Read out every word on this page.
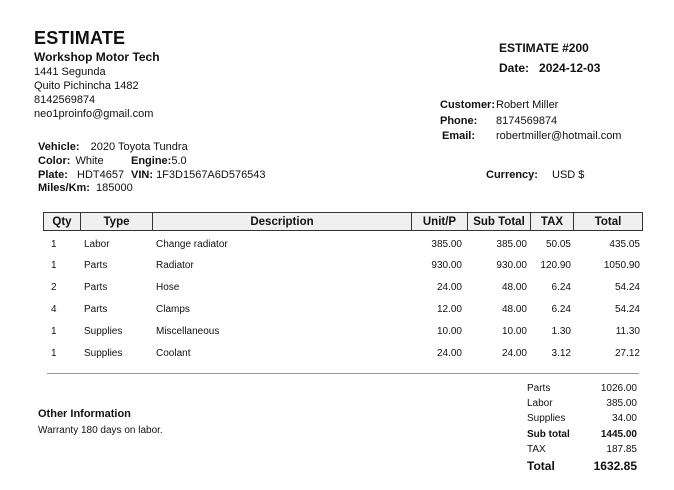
ESTIMATE
Workshop Motor Tech
1441 Segunda
Quito Pichincha 1482
8142569874
neo1proinfo@gmail.com
ESTIMATE #200
Date: 2024-12-03
Customer: Robert Miller
Phone: 8174569874
Email: robertmiller@hotmail.com
Vehicle: 2020 Toyota Tundra
Color: White Engine:5.0
Plate: HDT4657 VIN: 1F3D1567A6D576543
Miles/Km: 185000
Currency: USD $
Qty	Type	Description	Unit/P	Sub Total	TAX	Total
1	Labor	Change radiator	385.00	385.00 50.05	435.05
1	Parts	Radiator	930.00	930.00 120.90	1050.90
2	Parts	Hose	24.00	48.00 6.24	54.24
4	Parts	Clamps	12.00	48.00 6.24	54.24
1	Supplies	Miscellaneous	10.00	10.00 1.30	11.30
1	Supplies	Coolant	24.00	24.00 3.12	27.12
Other Information
Warranty 180 days on labor.
Parts	1026.00
Labor	385.00
Supplies	34.00
Sub total	1445.00
TAX	187.85
Total	1632.85
